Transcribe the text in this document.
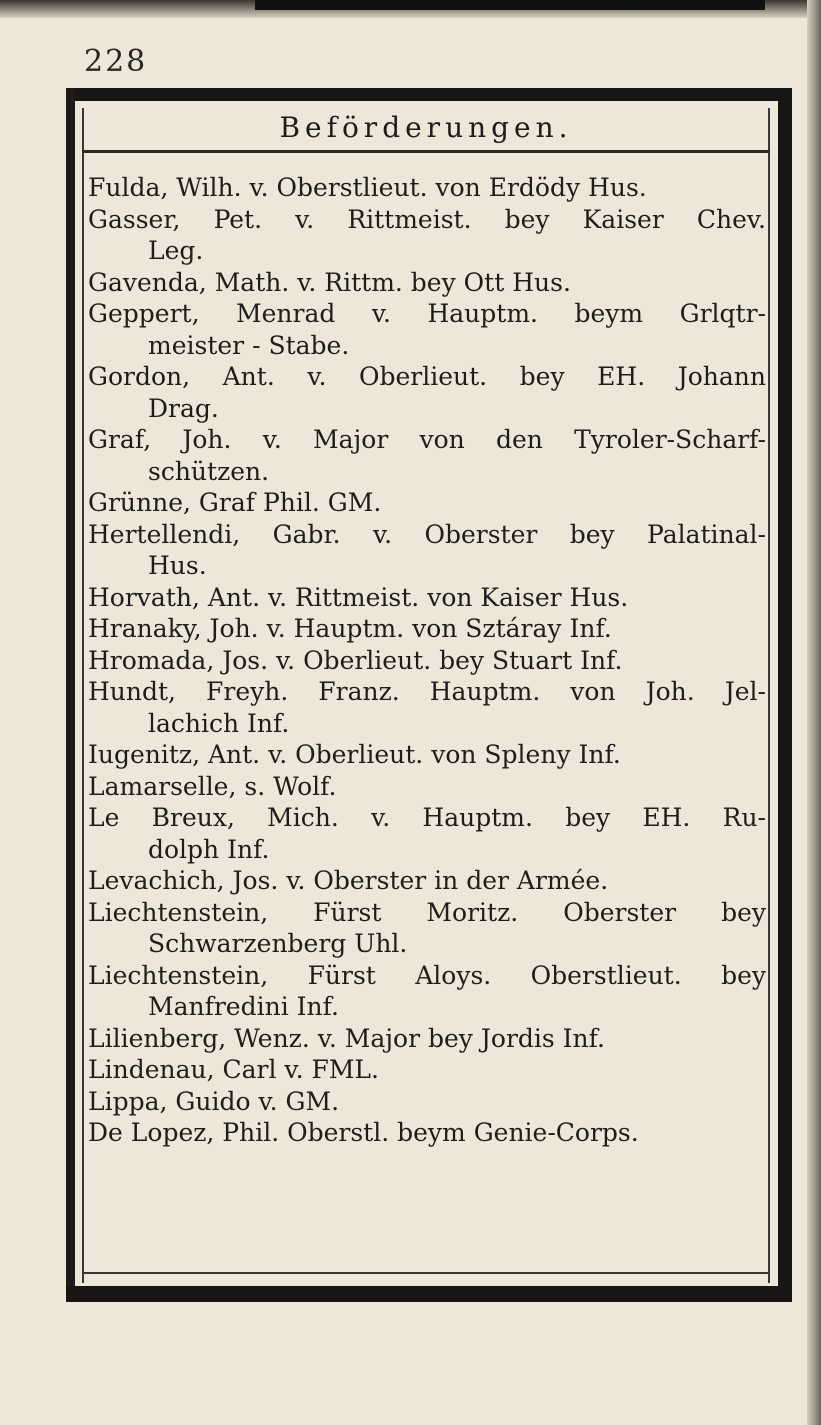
228
Beförderungen.
Fulda, Wilh. v. Oberstlieut. von Erdödy Hus.
Gasser, Pet. v. Rittmeist. bey Kaiser Chev.
Leg.
Gavenda, Math. v. Rittm. bey Ott Hus.
Geppert, Menrad v. Hauptm. beym Grlqtr-
meister - Stabe.
Gordon, Ant. v. Oberlieut. bey EH. Johann
Drag.
Graf, Joh. v. Major von den Tyroler-Scharf-
schützen.
Grünne, Graf Phil. GM.
Hertellendi, Gabr. v. Oberster bey Palatinal-
Hus.
Horvath, Ant. v. Rittmeist. von Kaiser Hus.
Hranaky, Joh. v. Hauptm. von Sztáray Inf.
Hromada, Jos. v. Oberlieut. bey Stuart Inf.
Hundt, Freyh. Franz. Hauptm. von Joh. Jel-
lachich Inf.
Iugenitz, Ant. v. Oberlieut. von Spleny Inf.
Lamarselle, s. Wolf.
Le Breux, Mich. v. Hauptm. bey EH. Ru-
dolph Inf.
Levachich, Jos. v. Oberster in der Armée.
Liechtenstein, Fürst Moritz. Oberster bey
Schwarzenberg Uhl.
Liechtenstein, Fürst Aloys. Oberstlieut. bey
Manfredini Inf.
Lilienberg, Wenz. v. Major bey Jordis Inf.
Lindenau, Carl v. FML.
Lippa, Guido v. GM.
De Lopez, Phil. Oberstl. beym Genie-Corps.
